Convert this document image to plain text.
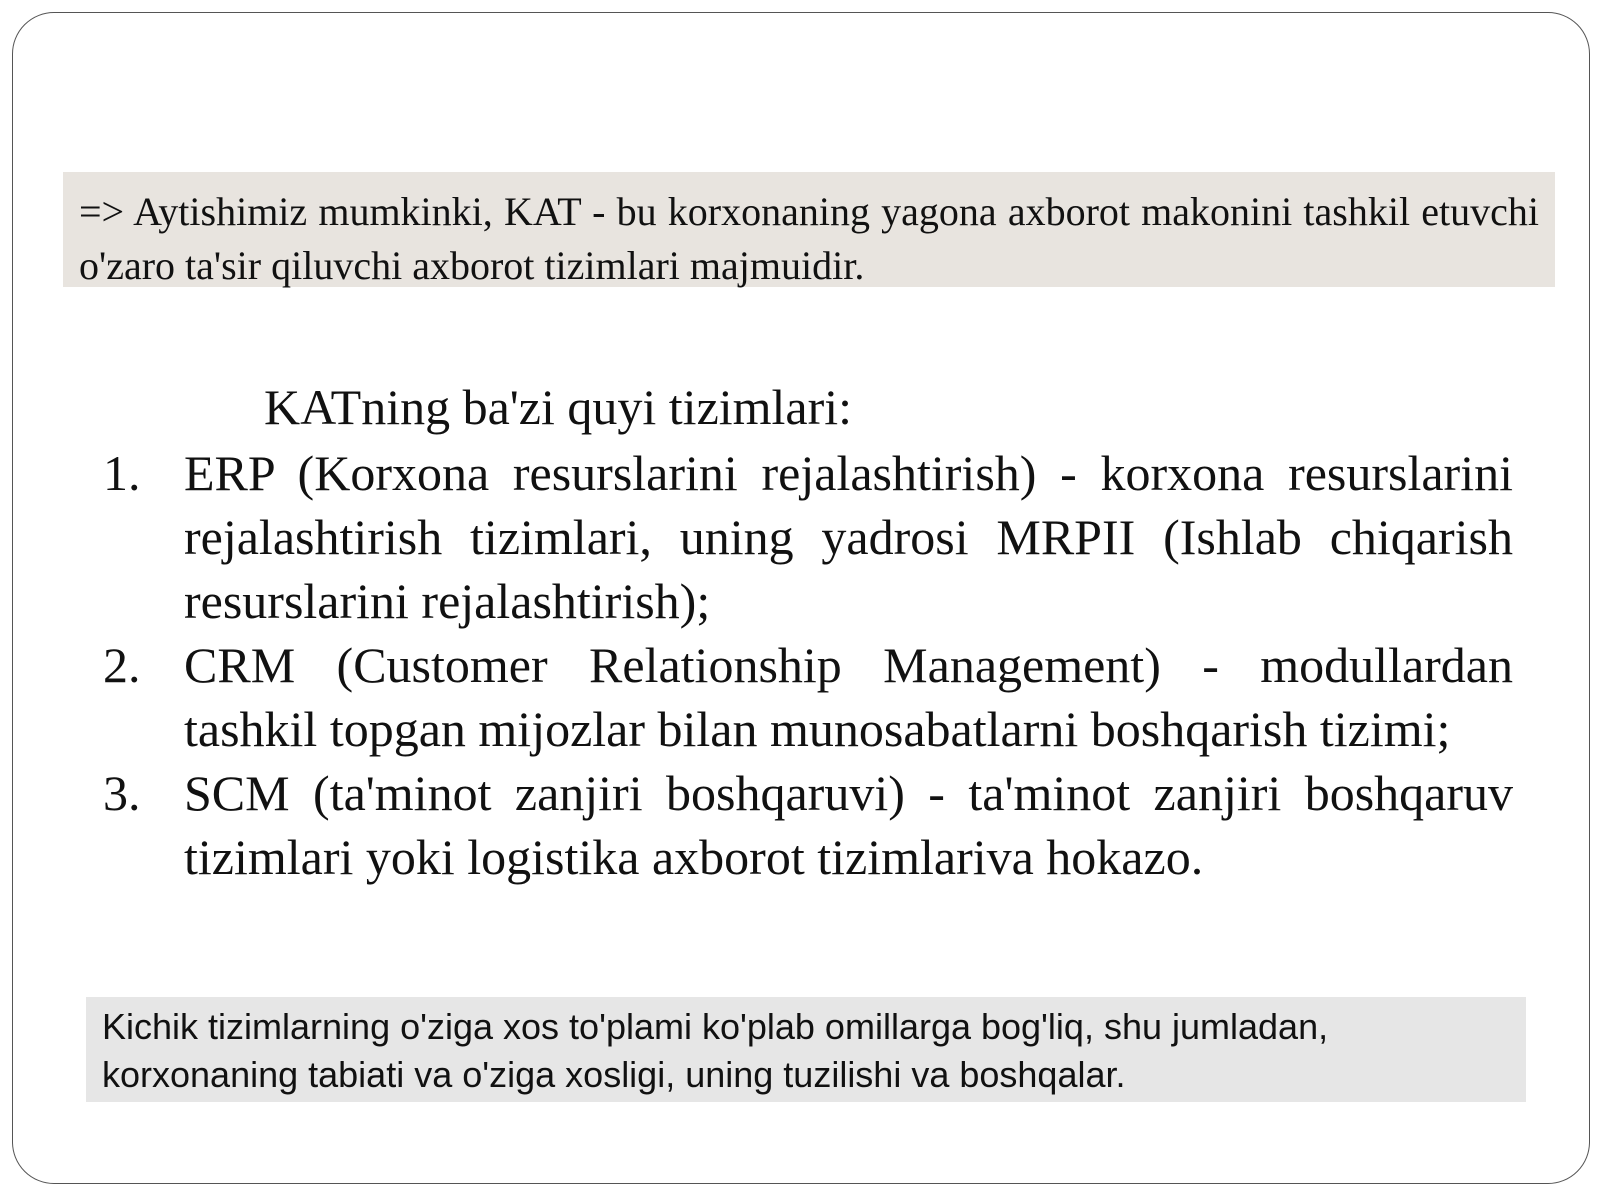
=> Aytishimiz mumkinki, KAT - bu korxonaning yagona axborot makonini tashkil etuvchi o'zaro ta'sir qiluvchi axborot tizimlari majmuidir.
KATning ba'zi quyi tizimlari:
1. ERP (Korxona resurslarini rejalashtirish) - korxona resurslarini rejalashtirish tizimlari, uning yadrosi MRPII (Ishlab chiqarish resurslarini rejalashtirish);
2. CRM (Customer Relationship Management) - modullardan tashkil topgan mijozlar bilan munosabatlarni boshqarish tizimi;
3. SCM (ta'minot zanjiri boshqaruvi) - ta'minot zanjiri boshqaruv tizimlari yoki logistika axborot tizimlariva hokazo.
Kichik tizimlarning o'ziga xos to'plami ko'plab omillarga bog'liq, shu jumladan, korxonaning tabiati va o'ziga xosligi, uning tuzilishi va boshqalar.
